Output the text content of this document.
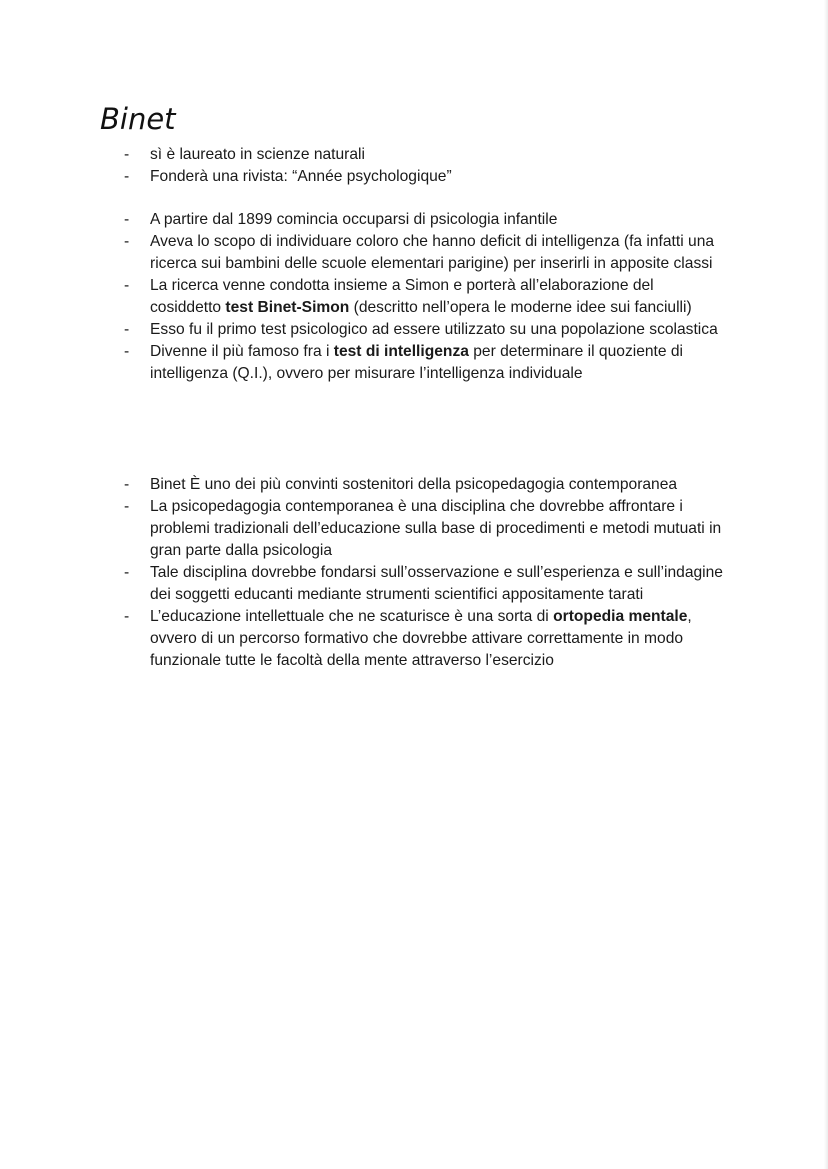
Binet
- sì è laureato in scienze naturali
- Fonderà una rivista: “Année psychologique”
- A partire dal 1899 comincia occuparsi di psicologia infantile
- Aveva lo scopo di individuare coloro che hanno deficit di intelligenza (fa infatti una ricerca sui bambini delle scuole elementari parigine) per inserirli in apposite classi
- La ricerca venne condotta insieme a Simon e porterà all’elaborazione del cosiddetto test Binet-Simon (descritto nell’opera le moderne idee sui fanciulli)
- Esso fu il primo test psicologico ad essere utilizzato su una popolazione scolastica
- Divenne il più famoso fra i test di intelligenza per determinare il quoziente di intelligenza (Q.I.), ovvero per misurare l’intelligenza individuale
- Binet È uno dei più convinti sostenitori della psicopedagogia contemporanea
- La psicopedagogia contemporanea è una disciplina che dovrebbe affrontare i problemi tradizionali dell’educazione sulla base di procedimenti e metodi mutuati in gran parte dalla psicologia
- Tale disciplina dovrebbe fondarsi sull’osservazione e sull’esperienza e sull’indagine dei soggetti educanti mediante strumenti scientifici appositamente tarati
- L’educazione intellettuale che ne scaturisce è una sorta di ortopedia mentale, ovvero di un percorso formativo che dovrebbe attivare correttamente in modo funzionale tutte le facoltà della mente attraverso l’esercizio
